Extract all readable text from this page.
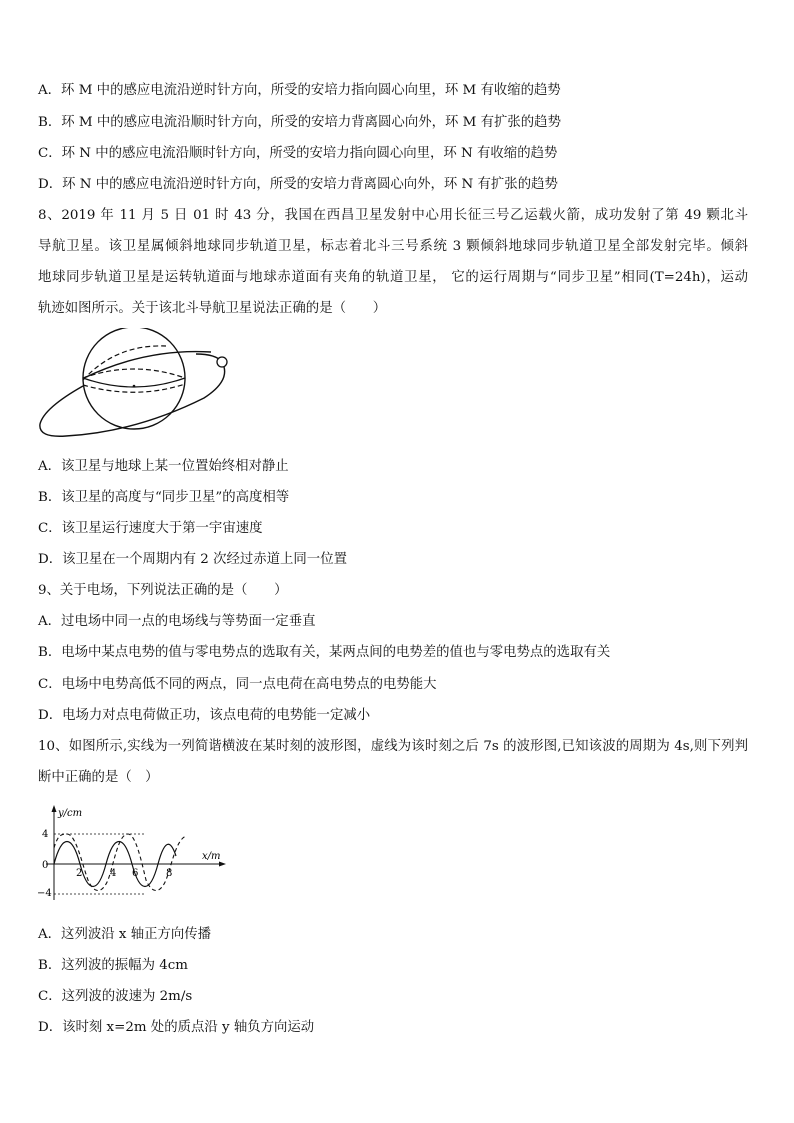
A．环 M 中的感应电流沿逆时针方向，所受的安培力指向圆心向里，环 M 有收缩的趋势
B．环 M 中的感应电流沿顺时针方向，所受的安培力背离圆心向外，环 M 有扩张的趋势
C．环 N 中的感应电流沿顺时针方向，所受的安培力指向圆心向里，环 N 有收缩的趋势
D．环 N 中的感应电流沿逆时针方向，所受的安培力背离圆心向外，环 N 有扩张的趋势
8、2019 年 11 月 5 日 01 时 43 分，我国在西昌卫星发射中心用长征三号乙运载火箭，成功发射了第 49 颗北斗
导航卫星。该卫星属倾斜地球同步轨道卫星，标志着北斗三号系统 3 颗倾斜地球同步轨道卫星全部发射完毕。倾斜
地球同步轨道卫星是运转轨道面与地球赤道面有夹角的轨道卫星， 它的运行周期与“同步卫星”相同(T=24h)，运动
轨迹如图所示。关于该北斗导航卫星说法正确的是（　　）
A．该卫星与地球上某一位置始终相对静止
B．该卫星的高度与“同步卫星”的高度相等
C．该卫星运行速度大于第一宇宙速度
D．该卫星在一个周期内有 2 次经过赤道上同一位置
9、关于电场，下列说法正确的是（　　）
A．过电场中同一点的电场线与等势面一定垂直
B．电场中某点电势的值与零电势点的选取有关，某两点间的电势差的值也与零电势点的选取有关
C．电场中电势高低不同的两点，同一点电荷在高电势点的电势能大
D．电场力对点电荷做正功，该点电荷的电势能一定减小
10、如图所示,实线为一列简谐横波在某时刻的波形图，虚线为该时刻之后 7s 的波形图,已知该波的周期为 4s,则下列判
断中正确的是（　）
y/cm
x/m
4
0
−4
2	4 6	8
A．这列波沿 x 轴正方向传播
B．这列波的振幅为 4cm
C．这列波的波速为 2m/s
D．该时刻 x=2m 处的质点沿 y 轴负方向运动
